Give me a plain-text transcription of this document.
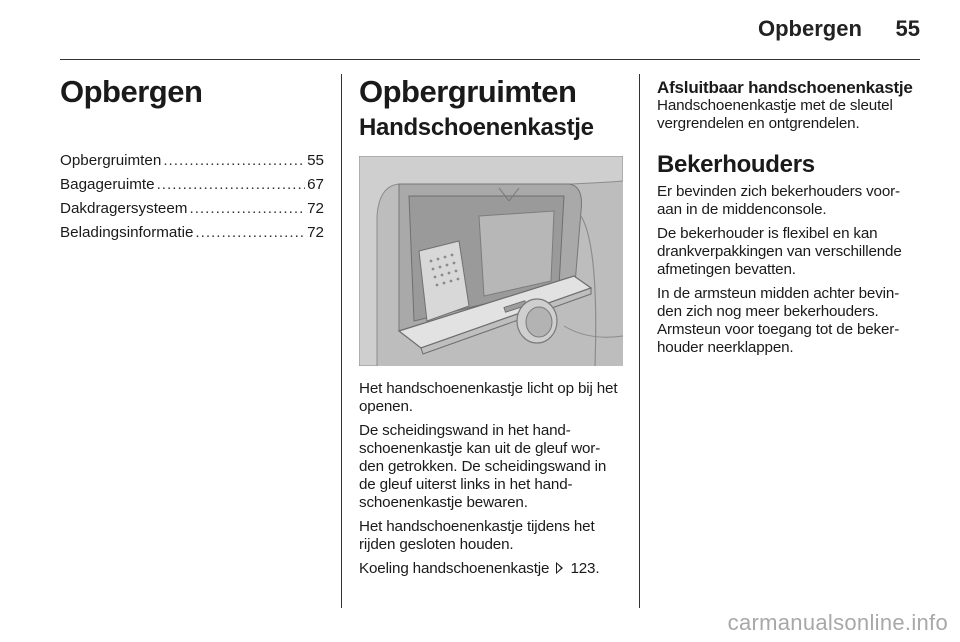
Opbergen	55
Opbergen
Opbergruimten .....	55
Bagageruimte .....	67
Dakdragersysteem .....	72
Beladingsinformatie .....	72
Opbergruimten
Handschoenenkastje

Het handschoenenkastje licht op bij het openen.

De scheidingswand in het hand-schoenenkastje kan uit de gleuf wor-den getrokken. De scheidingswand in de gleuf uiterst links in het hand-schoenenkastje bewaren.

Het handschoenenkastje tijdens het rijden gesloten houden.

Koeling handschoenenkastje 123.

Afsluitbaar handschoenenkastje

Handschoenenkastje met de sleutel vergrendelen en ontgrendelen.

Bekerhouders

Er bevinden zich bekerhouders voor-aan in de middenconsole.

De bekerhouder is flexibel en kan drankverpakkingen van verschillende afmetingen bevatten.

In de armsteun midden achter bevin-den zich nog meer bekerhouders. Armsteun voor toegang tot de beker-houder neerklappen.

carmanualsonline.info
